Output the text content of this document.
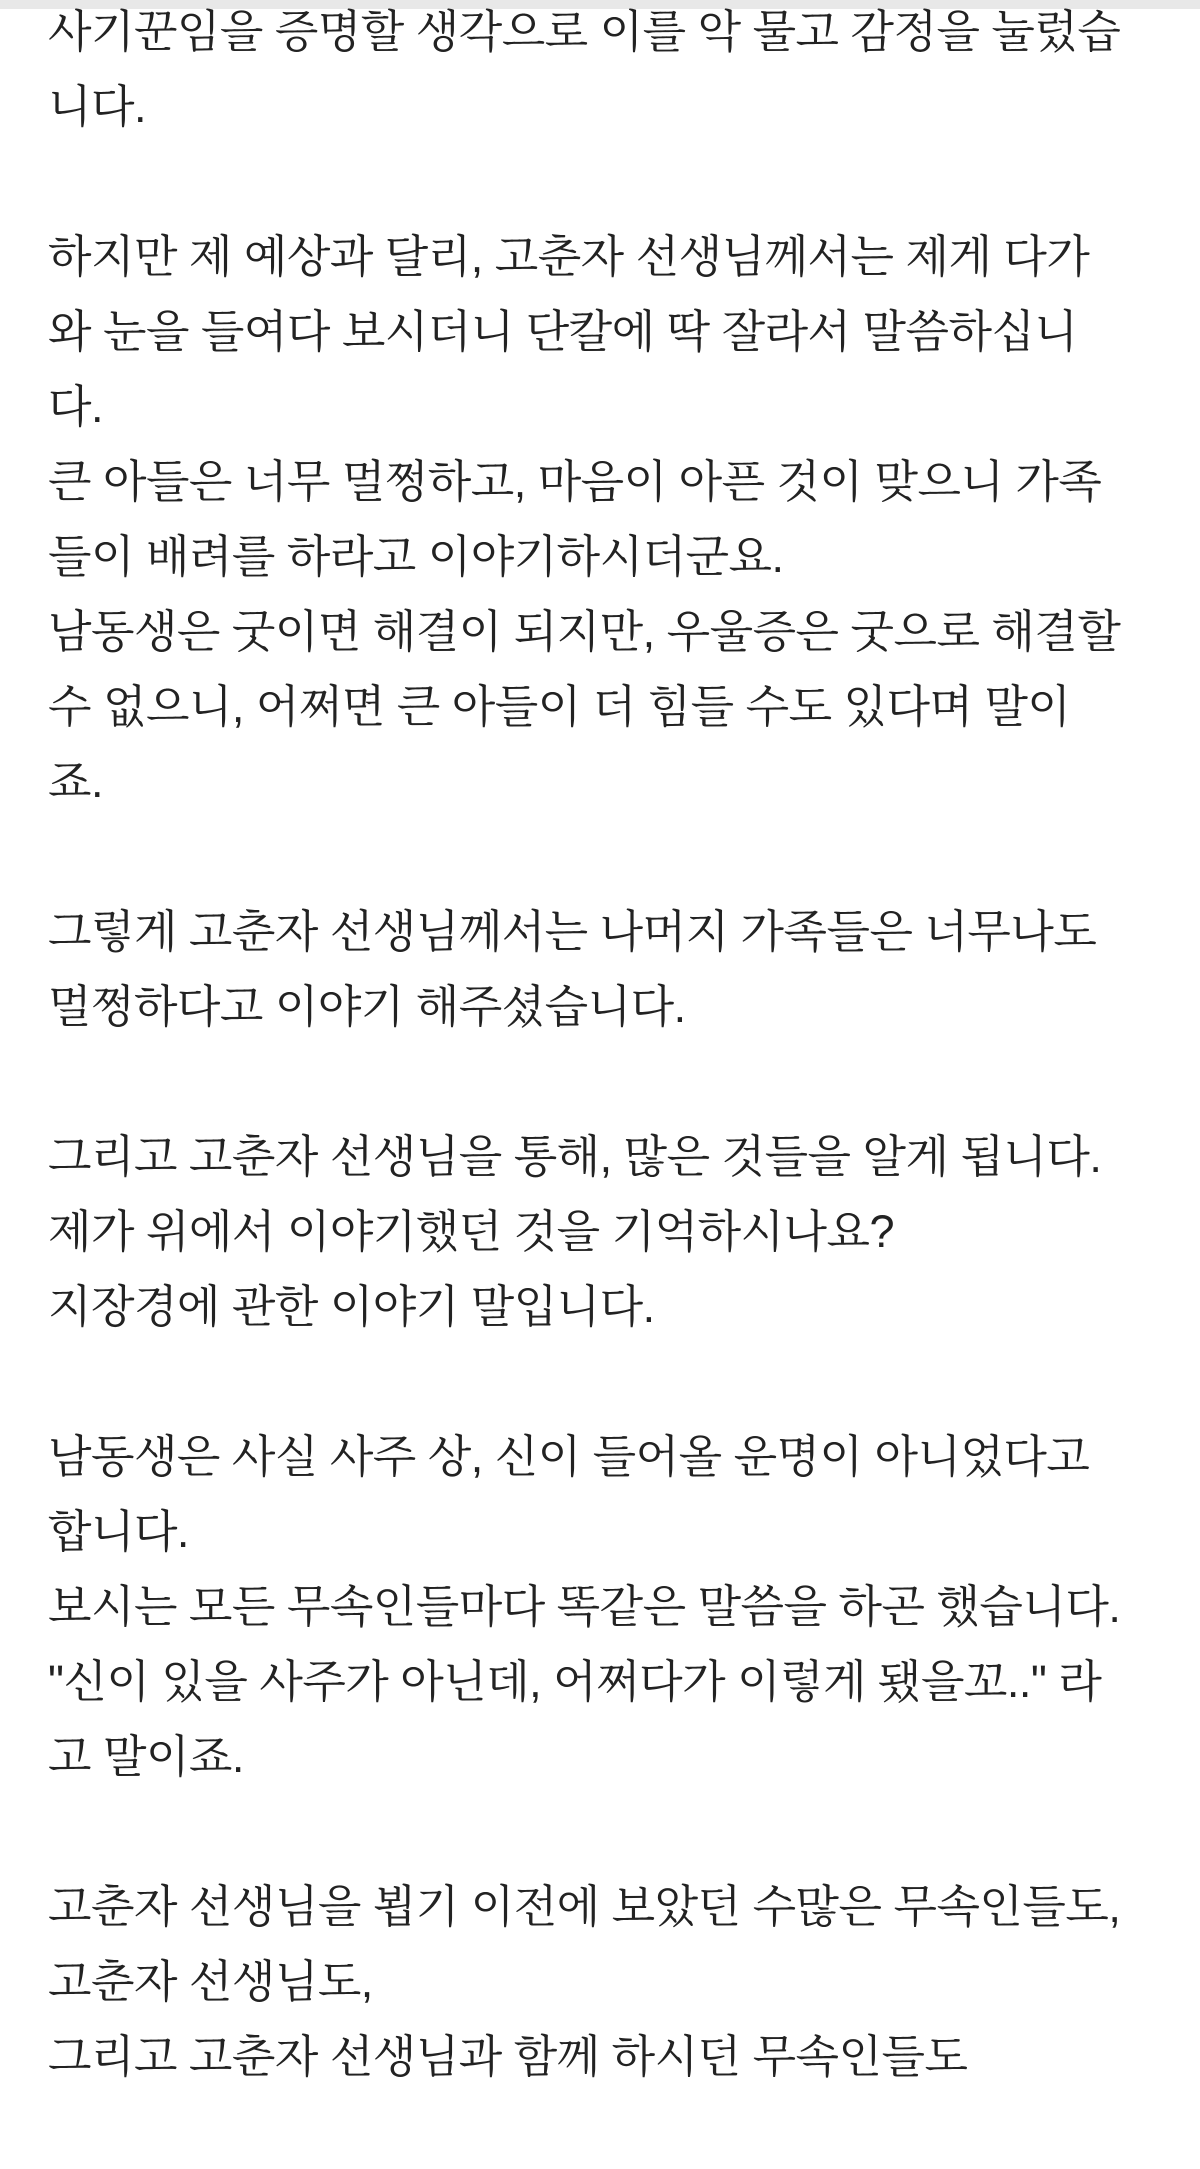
사기꾼임을 증명할 생각으로 이를 악 물고 감정을 눌렀습
니다.
하지만 제 예상과 달리, 고춘자 선생님께서는 제게 다가
와 눈을 들여다 보시더니 단칼에 딱 잘라서 말씀하십니
다.
큰 아들은 너무 멀쩡하고, 마음이 아픈 것이 맞으니 가족
들이 배려를 하라고 이야기하시더군요.
남동생은 굿이면 해결이 되지만, 우울증은 굿으로 해결할
수 없으니, 어쩌면 큰 아들이 더 힘들 수도 있다며 말이
죠.
그렇게 고춘자 선생님께서는 나머지 가족들은 너무나도
멀쩡하다고 이야기 해주셨습니다.
그리고 고춘자 선생님을 통해, 많은 것들을 알게 됩니다.
제가 위에서 이야기했던 것을 기억하시나요?
지장경에 관한 이야기 말입니다.
남동생은 사실 사주 상, 신이 들어올 운명이 아니었다고
합니다.
보시는 모든 무속인들마다 똑같은 말씀을 하곤 했습니다.
"신이 있을 사주가 아닌데, 어쩌다가 이렇게 됐을꼬.." 라
고 말이죠.
고춘자 선생님을 뵙기 이전에 보았던 수많은 무속인들도,
고춘자 선생님도,
그리고 고춘자 선생님과 함께 하시던 무속인들도
